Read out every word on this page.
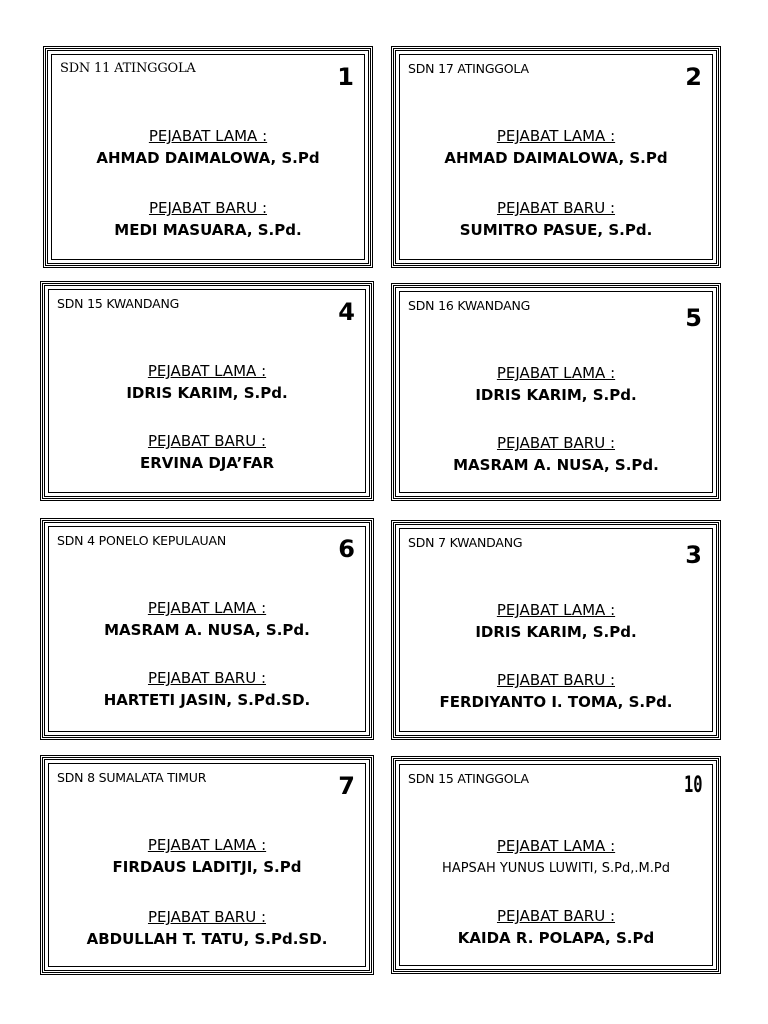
SDN 11 ATINGGOLA	1
PEJABAT LAMA :
AHMAD DAIMALOWA, S.Pd
PEJABAT BARU :
MEDI MASUARA, S.Pd.
SDN 17 ATINGGOLA	2
PEJABAT LAMA :
AHMAD DAIMALOWA, S.Pd
PEJABAT BARU :
SUMITRO PASUE, S.Pd.
SDN 15 KWANDANG	4
PEJABAT LAMA :
IDRIS KARIM, S.Pd.
PEJABAT BARU :
ERVINA DJA’FAR
SDN 16 KWANDANG	5
PEJABAT LAMA :
IDRIS KARIM, S.Pd.
PEJABAT BARU :
MASRAM A. NUSA, S.Pd.
SDN 4 PONELO KEPULAUAN	6
PEJABAT LAMA :
MASRAM A. NUSA, S.Pd.
PEJABAT BARU :
HARTETI JASIN, S.Pd.SD.
SDN 7 KWANDANG	3
PEJABAT LAMA :
IDRIS KARIM, S.Pd.
PEJABAT BARU :
FERDIYANTO I. TOMA, S.Pd.
SDN 8 SUMALATA TIMUR	7
PEJABAT LAMA :
FIRDAUS LADITJI, S.Pd
PEJABAT BARU :
ABDULLAH T. TATU, S.Pd.SD.
SDN 15 ATINGGOLA	10
PEJABAT LAMA :
HAPSAH YUNUS LUWITI, S.Pd,.M.Pd
PEJABAT BARU :
KAIDA R. POLAPA, S.Pd
